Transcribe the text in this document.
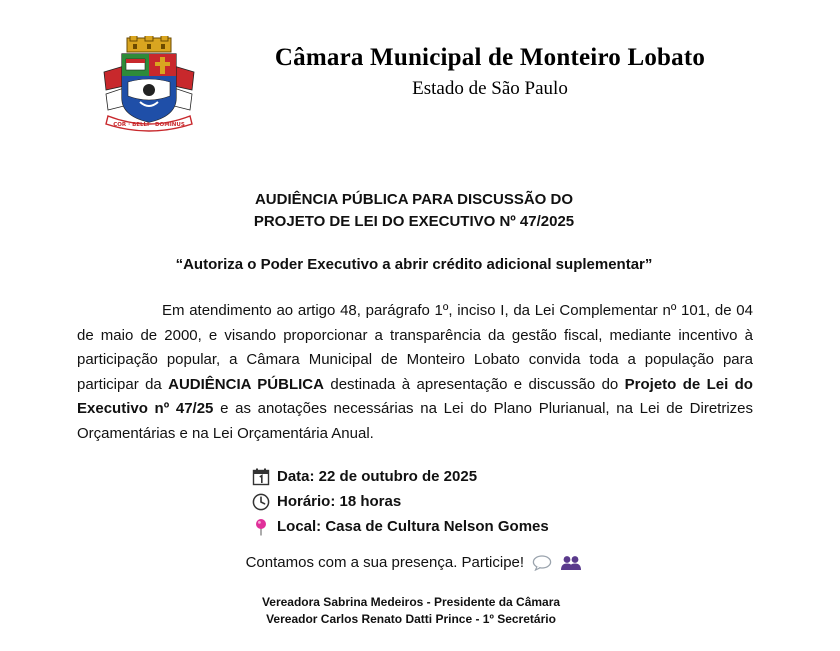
COR · BELLI · DOMINUS
Câmara Municipal de Monteiro Lobato
Estado de São Paulo
AUDIÊNCIA PÚBLICA PARA DISCUSSÃO DO
PROJETO DE LEI DO EXECUTIVO Nº 47/2025
“Autoriza o Poder Executivo a abrir crédito adicional suplementar”
Em atendimento ao artigo 48, parágrafo 1º, inciso I, da Lei Complementar nº 101, de 04 de maio de 2000, e visando proporcionar a transparência da gestão fiscal, mediante incentivo à participação popular, a Câmara Municipal de Monteiro Lobato convida toda a população para participar da AUDIÊNCIA PÚBLICA destinada à apresentação e discussão do Projeto de Lei do Executivo nº 47/25 e as anotações necessárias na Lei do Plano Plurianual, na Lei de Diretrizes Orçamentárias e na Lei Orçamentária Anual.
Data: 22 de outubro de 2025
Horário: 18 horas
Local: Casa de Cultura Nelson Gomes
Contamos com a sua presença. Participe!

Vereadora Sabrina Medeiros - Presidente da Câmara
Vereador Carlos Renato Datti Prince - 1º Secretário
